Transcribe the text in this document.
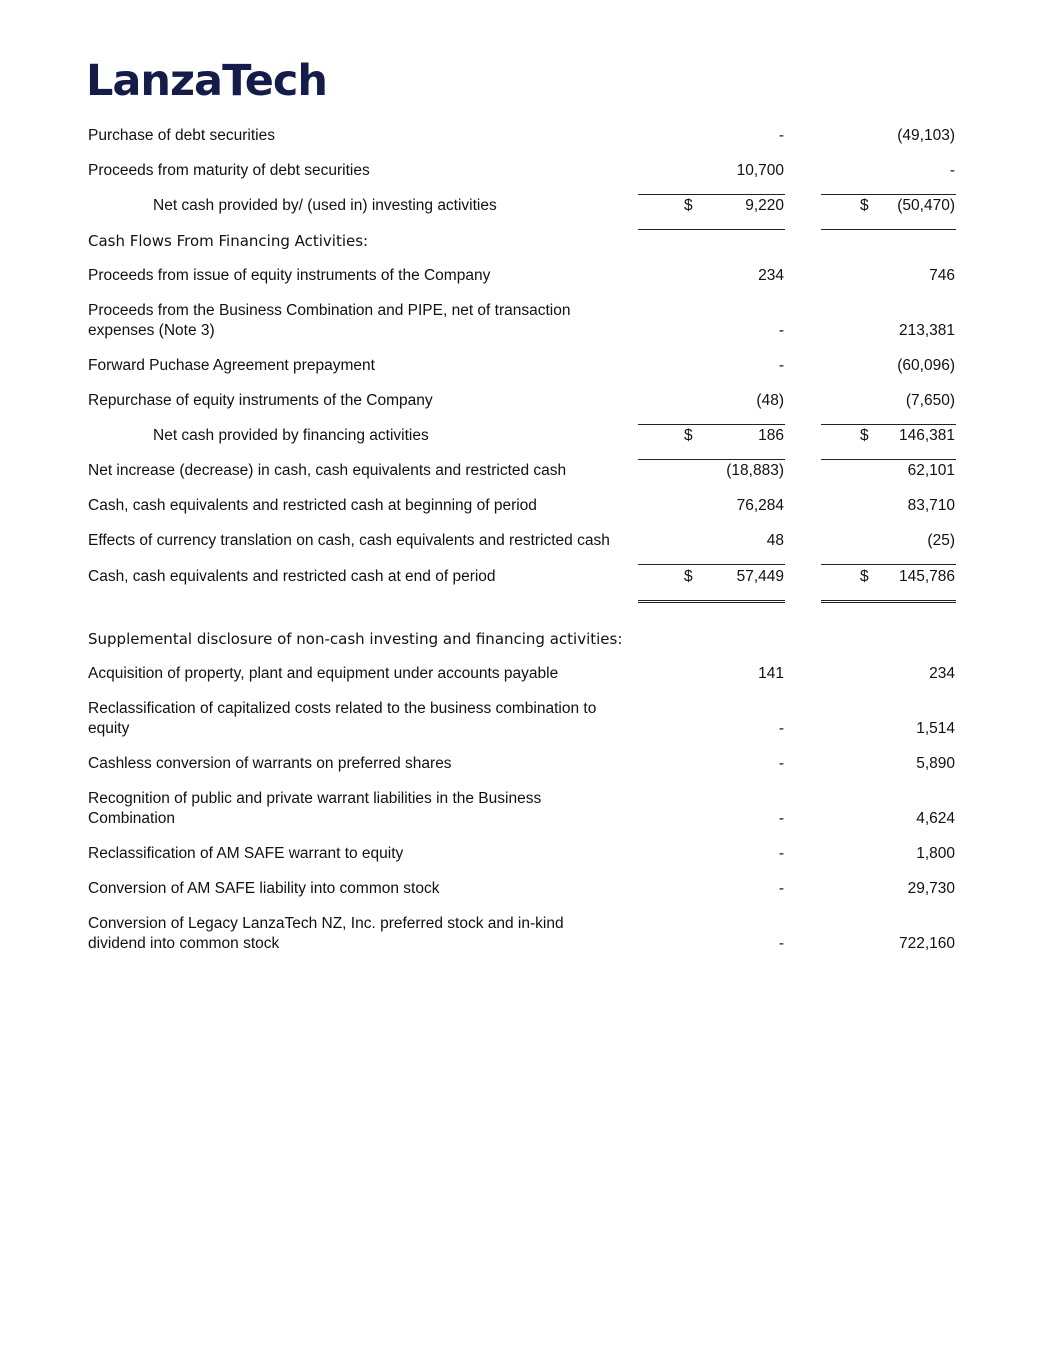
LanzaTech
Purchase of debt securities	-	(49,103)
Proceeds from maturity of debt securities	10,700	-
Net cash provided by/ (used in) investing activities	$	9,220	$ (50,470)
Cash Flows From Financing Activities:
Proceeds from issue of equity instruments of the Company	234	746
Proceeds from the Business Combination and PIPE, net of transaction expenses (Note 3)	-	213,381
Forward Puchase Agreement prepayment	-	(60,096)
Repurchase of equity instruments of the Company	(48)	(7,650)
Net cash provided by financing activities	$	186	$ 146,381
Net increase (decrease) in cash, cash equivalents and restricted cash	(18,883)	62,101
Cash, cash equivalents and restricted cash at beginning of period	76,284	83,710
Effects of currency translation on cash, cash equivalents and restricted cash	48	(25)
Cash, cash equivalents and restricted cash at end of period	$	57,449	$ 145,786
Supplemental disclosure of non-cash investing and financing activities:
Acquisition of property, plant and equipment under accounts payable	141	234
Reclassification of capitalized costs related to the business combination to equity	-	1,514
Cashless conversion of warrants on preferred shares	-	5,890
Recognition of public and private warrant liabilities in the Business Combination	-	4,624
Reclassification of AM SAFE warrant to equity	-	1,800
Conversion of AM SAFE liability into common stock	-	29,730
Conversion of Legacy LanzaTech NZ, Inc. preferred stock and in-kind dividend into common stock	-	722,160
